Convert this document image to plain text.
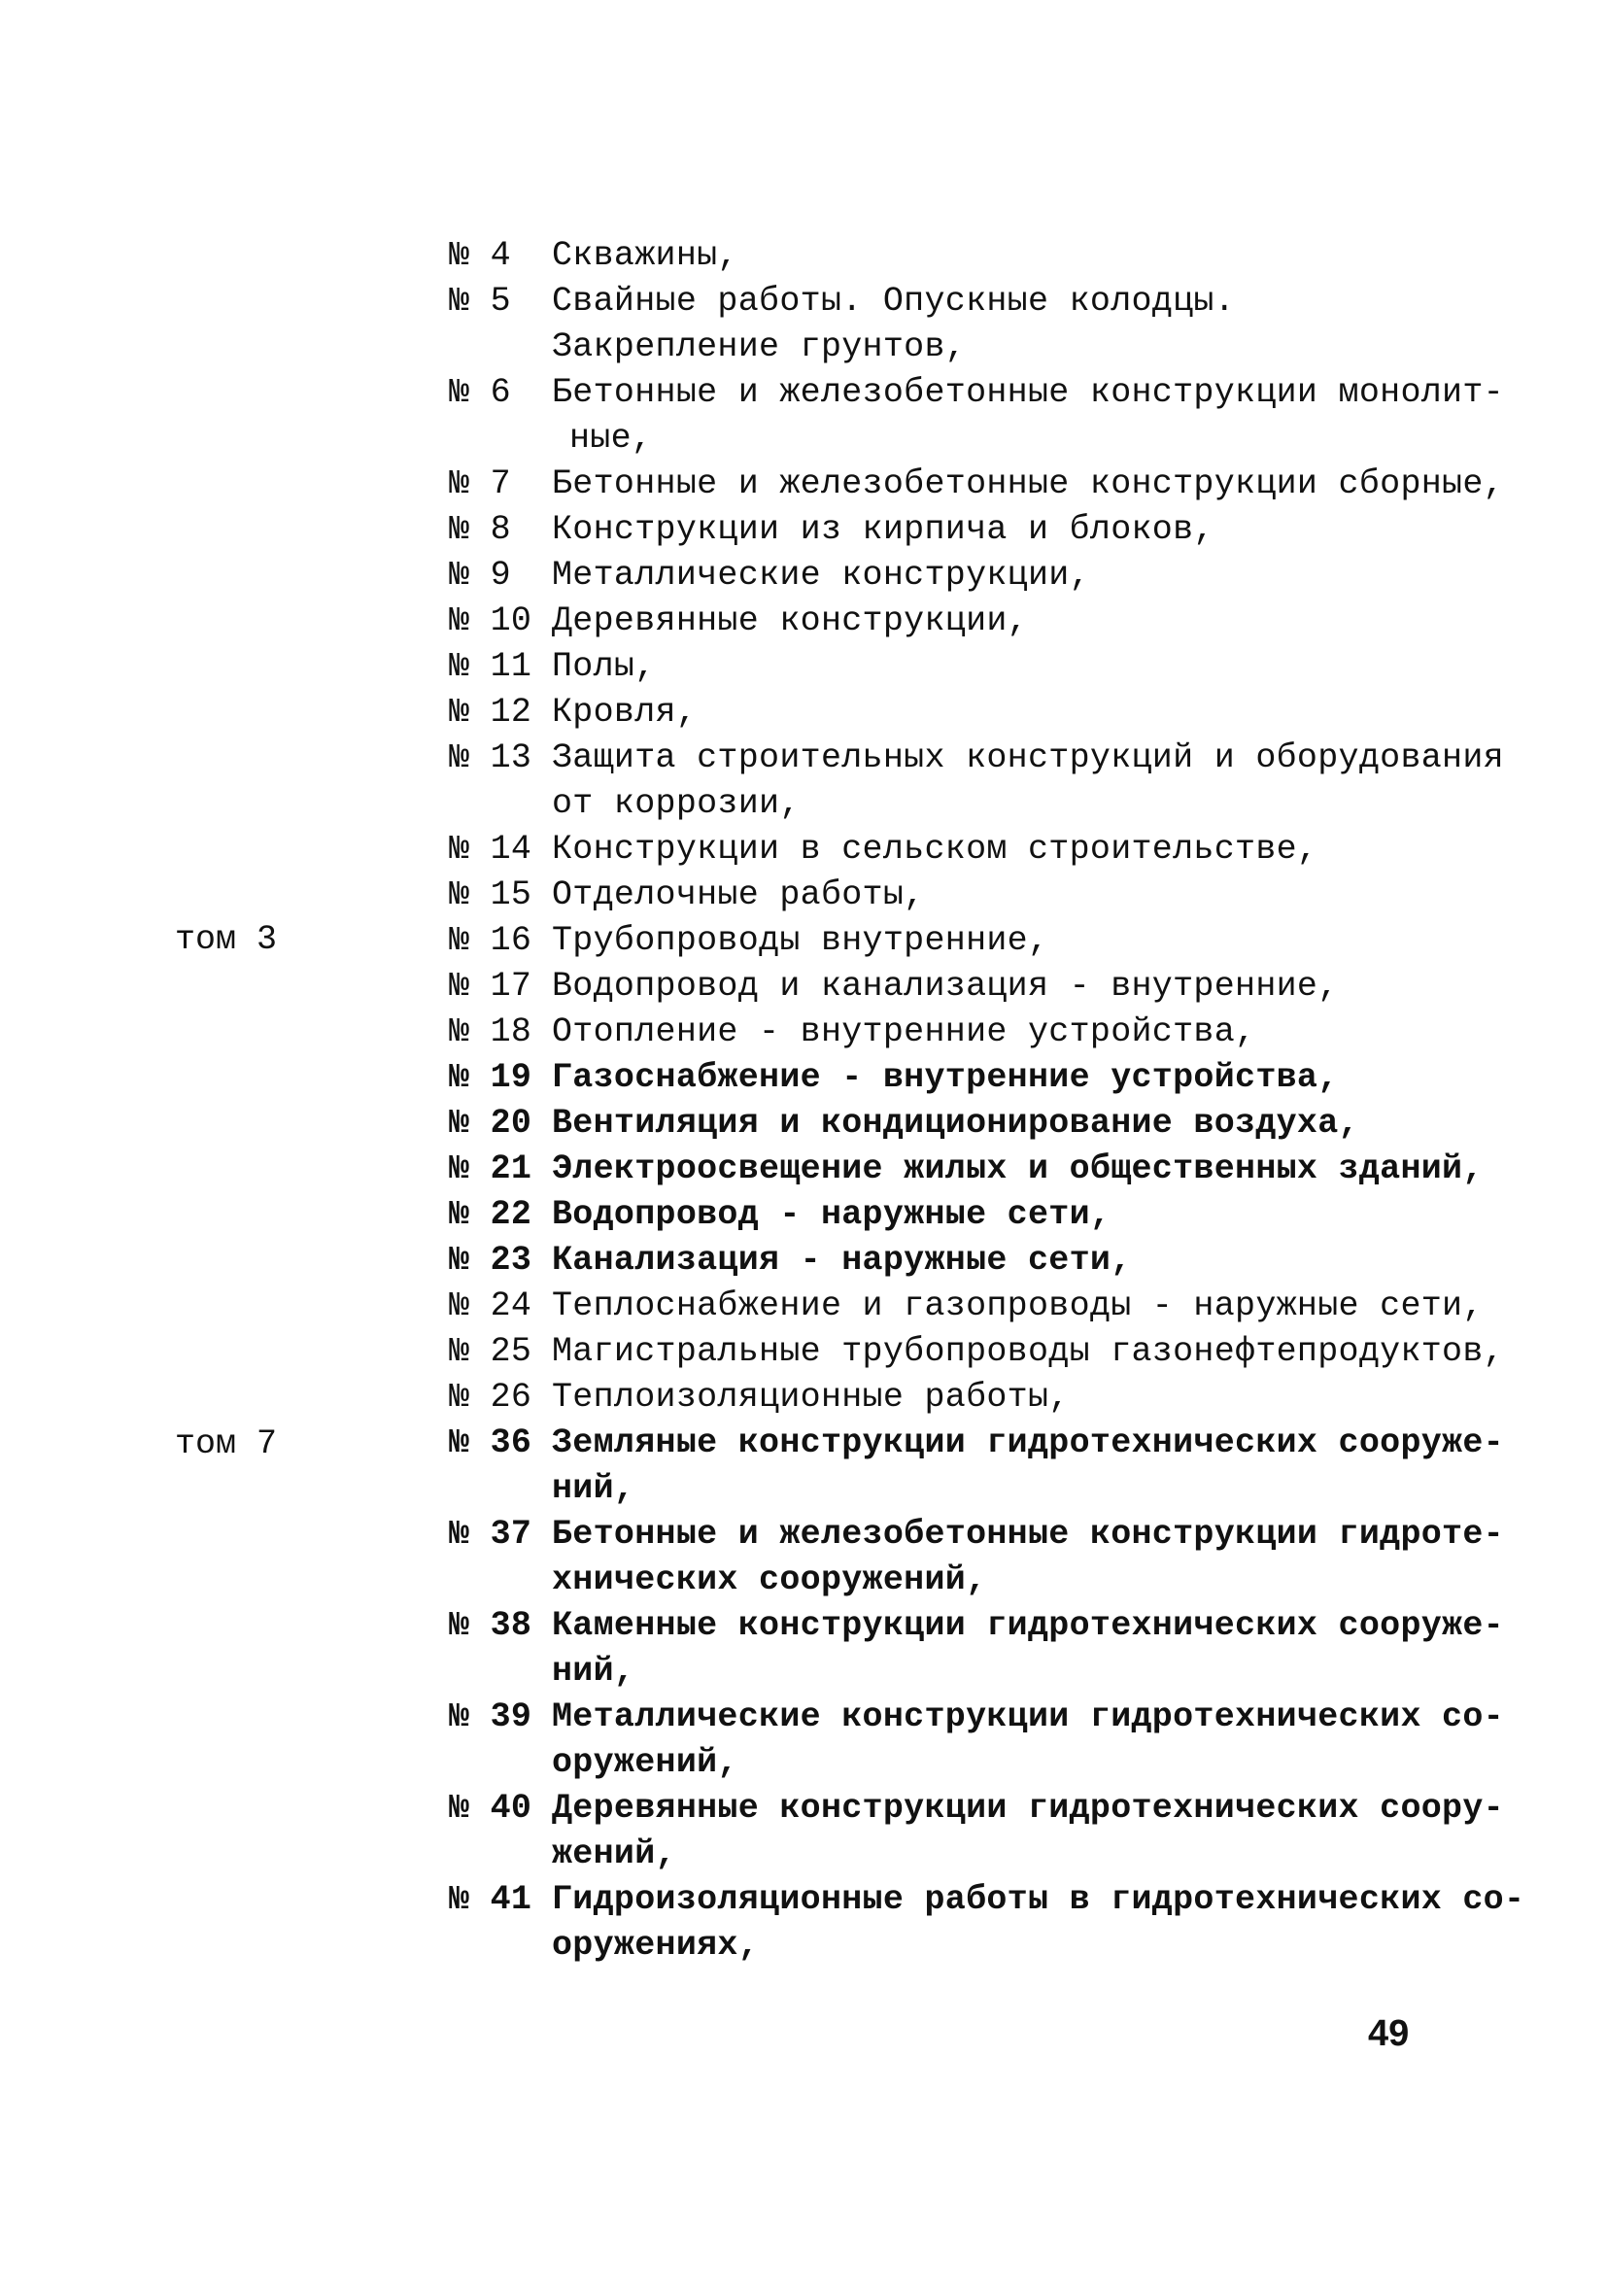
том 3
том 7
№ 4 Скважины,
№ 5 Свайные работы. Опускные колодцы.
Закрепление грунтов,
№ 6 Бетонные и железобетонные конструкции монолит-
ные,
№ 7 Бетонные и железобетонные конструкции сборные,
№ 8 Конструкции из кирпича и блоков,
№ 9 Металлические конструкции,
№ 10 Деревянные конструкции,
№ 11 Полы,
№ 12 Кровля,
№ 13 Защита строительных конструкций и оборудования
от коррозии,
№ 14 Конструкции в сельском строительстве,
№ 15 Отделочные работы,
№ 16 Трубопроводы внутренние,
№ 17 Водопровод и канализация - внутренние,
№ 18 Отопление - внутренние устройства,
№ 19 Газоснабжение - внутренние устройства,
№ 20 Вентиляция и кондиционирование воздуха,
№ 21 Электроосвещение жилых и общественных зданий,
№ 22 Водопровод - наружные сети,
№ 23 Канализация - наружные сети,
№ 24 Теплоснабжение и газопроводы - наружные сети,
№ 25 Магистральные трубопроводы газонефтепродуктов,
№ 26 Теплоизоляционные работы,
№ 36 Земляные конструкции гидротехнических сооруже-
ний,
№ 37 Бетонные и железобетонные конструкции гидроте-
хнических сооружений,
№ 38 Каменные конструкции гидротехнических сооруже-
ний,
№ 39 Металлические конструкции гидротехнических со-
оружений,
№ 40 Деревянные конструкции гидротехнических соору-
жений,
№ 41 Гидроизоляционные работы в гидротехнических со-
оружениях,
49
